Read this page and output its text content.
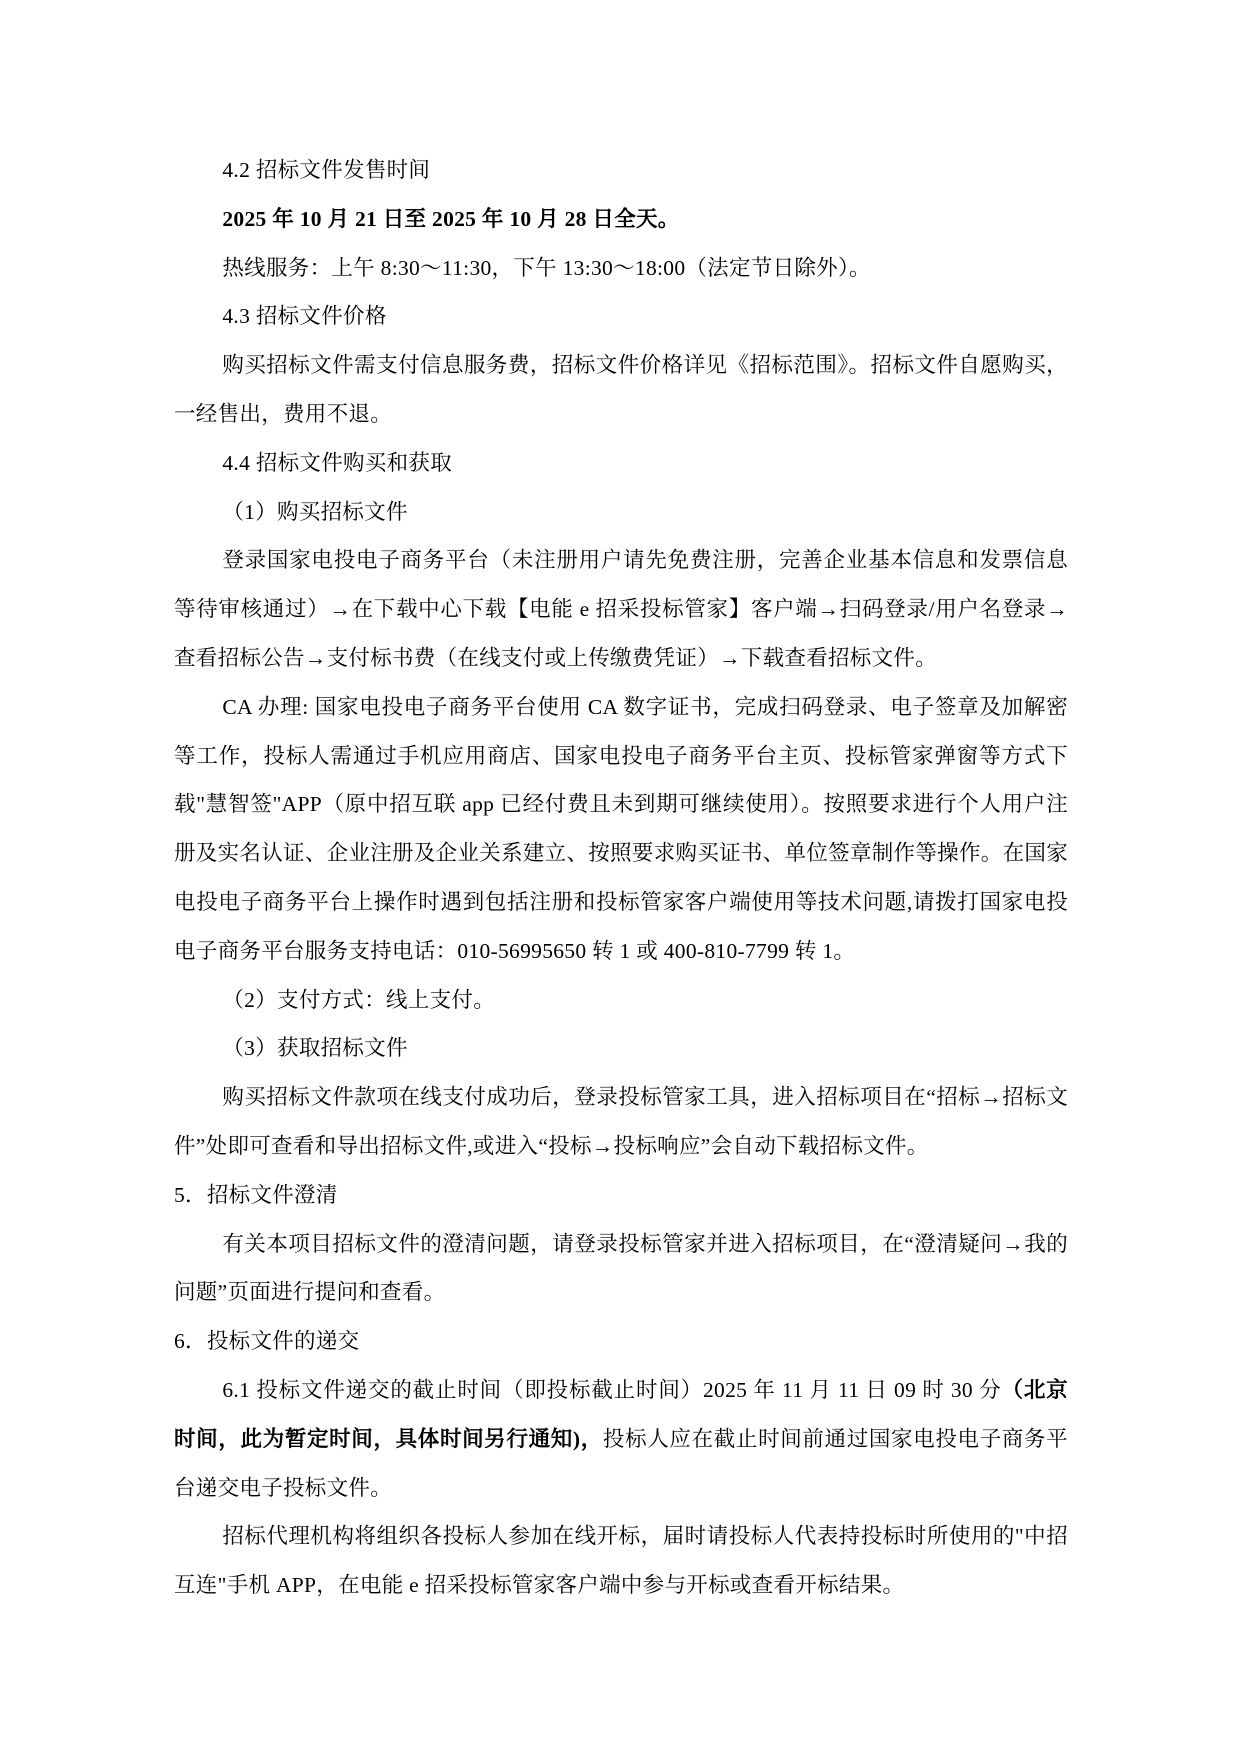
4.2 招标文件发售时间

2025 年 10 月 21 日至 2025 年 10 月 28 日全天。

热线服务：上午 8:30～11:30，下午 13:30～18:00（法定节日除外）。

4.3 招标文件价格

购买招标文件需支付信息服务费，招标文件价格详见《招标范围》。招标文件自愿购买，一经售出，费用不退。

4.4 招标文件购买和获取

（1）购买招标文件

登录国家电投电子商务平台（未注册用户请先免费注册，完善企业基本信息和发票信息等待审核通过）→在下载中心下载【电能 e 招采投标管家】客户端→扫码登录/用户名登录→查看招标公告→支付标书费（在线支付或上传缴费凭证）→下载查看招标文件。

CA 办理: 国家电投电子商务平台使用 CA 数字证书，完成扫码登录、电子签章及加解密等工作，投标人需通过手机应用商店、国家电投电子商务平台主页、投标管家弹窗等方式下载"慧智签"APP（原中招互联 app 已经付费且未到期可继续使用）。按照要求进行个人用户注册及实名认证、企业注册及企业关系建立、按照要求购买证书、单位签章制作等操作。在国家电投电子商务平台上操作时遇到包括注册和投标管家客户端使用等技术问题,请拨打国家电投电子商务平台服务支持电话：010-56995650 转 1 或 400-810-7799 转 1。

（2）支付方式：线上支付。

（3）获取招标文件

购买招标文件款项在线支付成功后，登录投标管家工具，进入招标项目在“招标→招标文件”处即可查看和导出招标文件,或进入“投标→投标响应”会自动下载招标文件。

5．招标文件澄清

有关本项目招标文件的澄清问题，请登录投标管家并进入招标项目，在“澄清疑问→我的问题”页面进行提问和查看。

6．投标文件的递交

6.1 投标文件递交的截止时间（即投标截止时间）2025 年 11 月 11 日 09 时 30 分（北京时间，此为暂定时间，具体时间另行通知)，投标人应在截止时间前通过国家电投电子商务平台递交电子投标文件。

招标代理机构将组织各投标人参加在线开标，届时请投标人代表持投标时所使用的"中招互连"手机 APP，在电能 e 招采投标管家客户端中参与开标或查看开标结果。
